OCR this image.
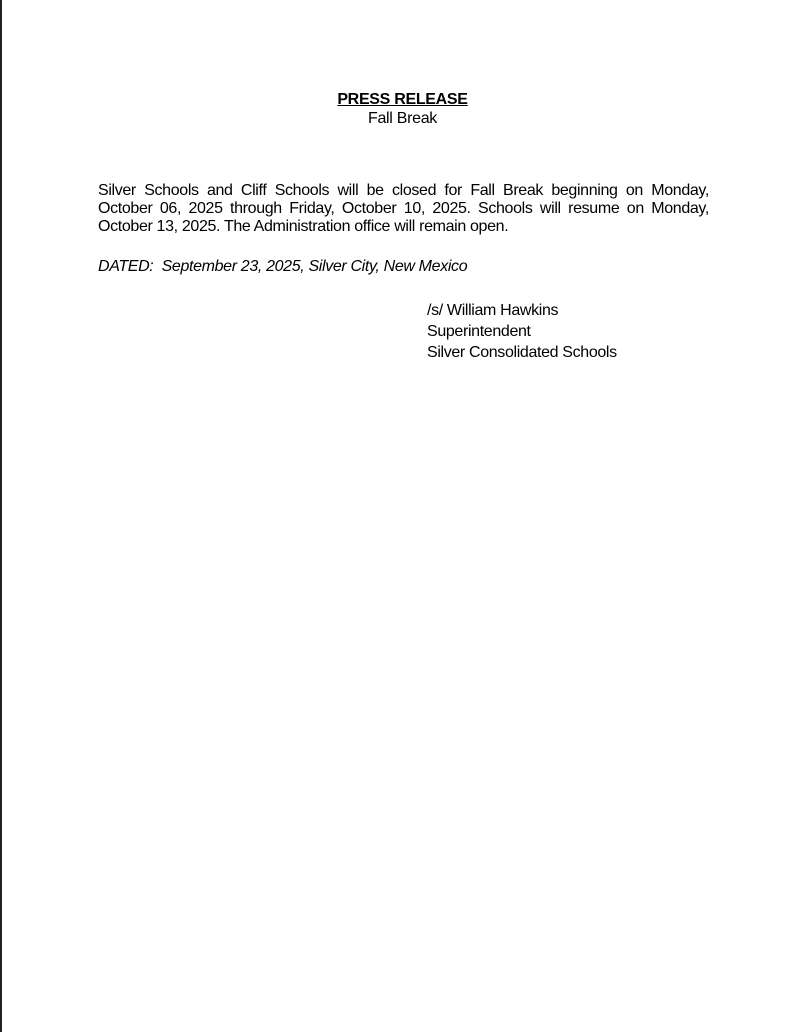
PRESS RELEASE
Fall Break

Silver Schools and Cliff Schools will be closed for Fall Break beginning on Monday, October 06, 2025 through Friday, October 10, 2025. Schools will resume on Monday, October 13, 2025. The Administration office will remain open.

DATED:  September 23, 2025, Silver City, New Mexico
/s/ William Hawkins
Superintendent
Silver Consolidated Schools
